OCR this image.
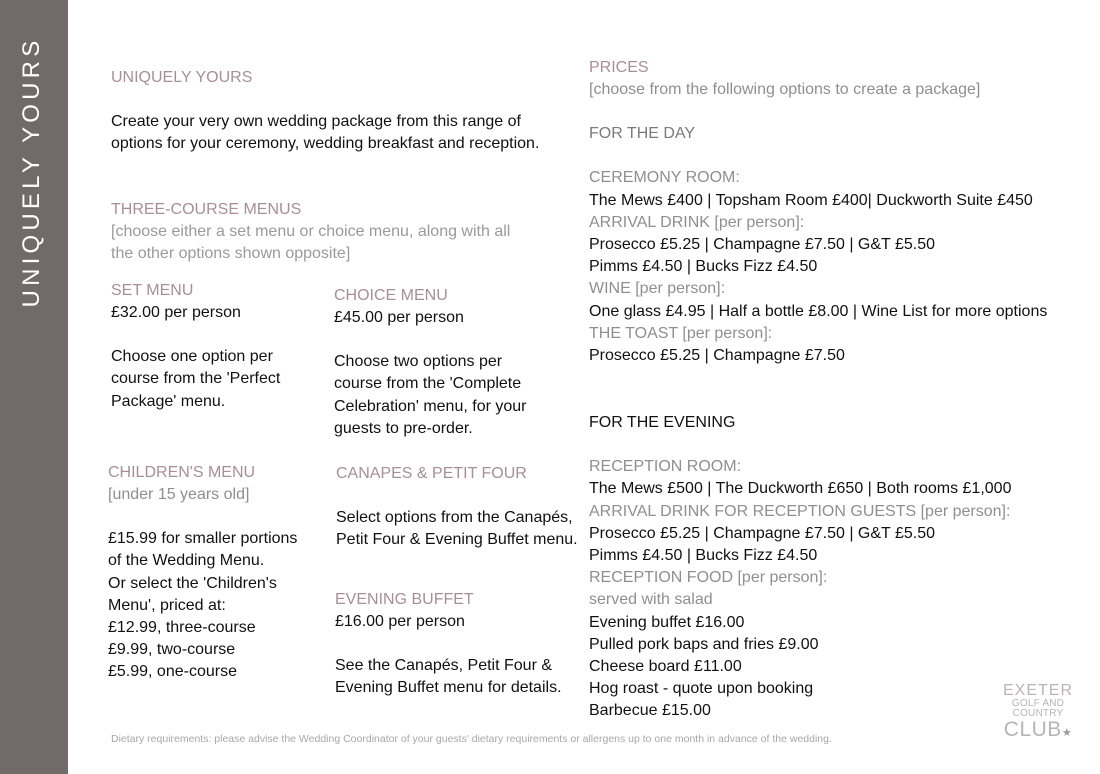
UNIQUELY YOURS	UNIQUELY YOURS
Create your very own wedding package from this range of
options for your ceremony, wedding breakfast and reception.
THREE-COURSE MENUS
[choose either a set menu or choice menu, along with all
the other options shown opposite]
SET MENU
£32.00 per person
Choose one option per
course from the 'Perfect
Package' menu.
CHOICE MENU
£45.00 per person
Choose two options per
course from the 'Complete
Celebration' menu, for your
guests to pre-order.
CHILDREN'S MENU
[under 15 years old]
£15.99 for smaller portions
of the Wedding Menu.
Or select the 'Children's
Menu', priced at:
£12.99, three-course
£9.99, two-course
£5.99, one-course
CANAPES & PETIT FOUR
Select options from the Canapés,
Petit Four & Evening Buffet menu.
EVENING BUFFET
£16.00 per person
See the Canapés, Petit Four &
Evening Buffet menu for details.
PRICES
[choose from the following options to create a package]
FOR THE DAY
CEREMONY ROOM:
The Mews £400 | Topsham Room £400| Duckworth Suite £450
ARRIVAL DRINK [per person]:
Prosecco £5.25 | Champagne £7.50 | G&T £5.50
Pimms £4.50 | Bucks Fizz £4.50
WINE [per person]:
One glass £4.95 | Half a bottle £8.00 | Wine List for more options
THE TOAST [per person]:
Prosecco £5.25 | Champagne £7.50
FOR THE EVENING
RECEPTION ROOM:
The Mews £500 | The Duckworth £650 | Both rooms £1,000
ARRIVAL DRINK FOR RECEPTION GUESTS [per person]:
Prosecco £5.25 | Champagne £7.50 | G&T £5.50
Pimms £4.50 | Bucks Fizz £4.50
RECEPTION FOOD [per person]:
served with salad
Evening buffet £16.00
Pulled pork baps and fries £9.00
Cheese board £11.00
Hog roast - quote upon booking
Barbecue £15.00
Dietary requirements: please advise the Wedding Coordinator of your guests' dietary requirements or allergens up to one month in advance of the wedding.
EXETER
GOLF AND
COUNTRY
CLUB★
